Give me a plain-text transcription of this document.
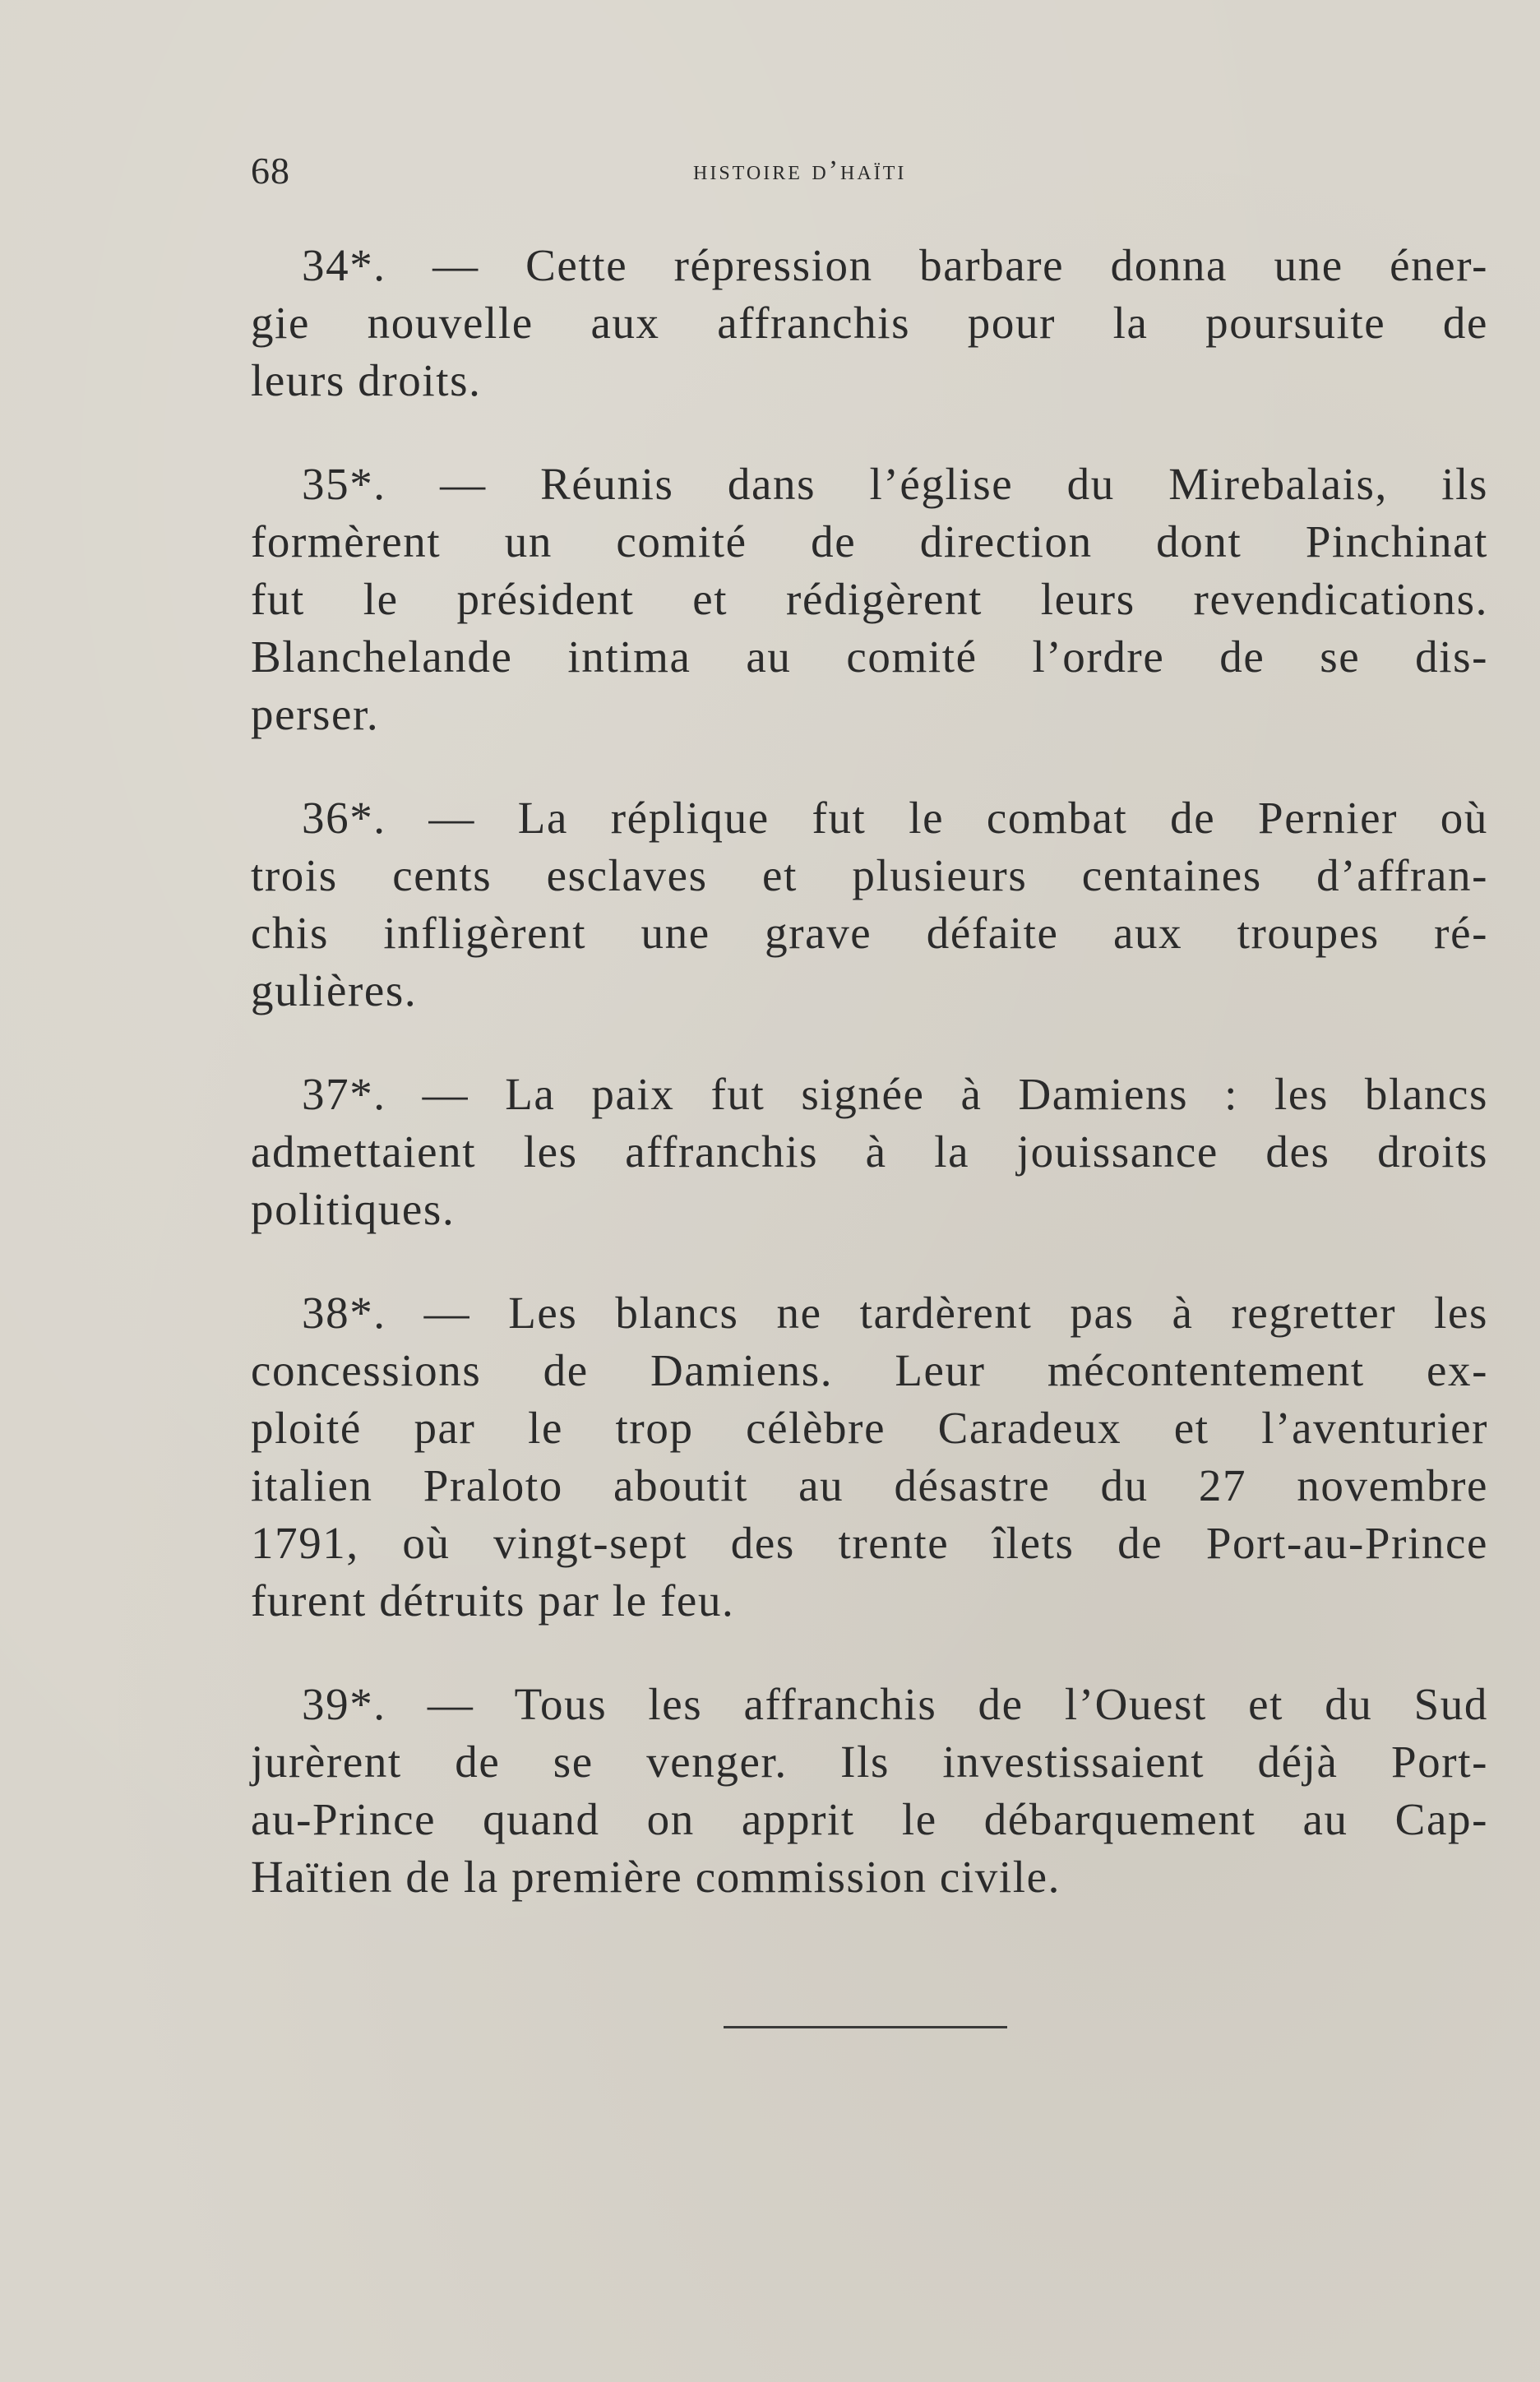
68	histoire d’haïti
34*. — Cette répression barbare donna une éner-
gie nouvelle aux affranchis pour la poursuite de
leurs droits.
35*. — Réunis dans l’église du Mirebalais, ils
formèrent un comité de direction dont Pinchinat
fut le président et rédigèrent leurs revendications.
Blanchelande intima au comité l’ordre de se dis-
perser.
36*. — La réplique fut le combat de Pernier où
trois cents esclaves et plusieurs centaines d’affran-
chis infligèrent une grave défaite aux troupes ré-
gulières.
37*. — La paix fut signée à Damiens : les blancs
admettaient les affranchis à la jouissance des droits
politiques.
38*. — Les blancs ne tardèrent pas à regretter les
concessions de Damiens. Leur mécontentement ex-
ploité par le trop célèbre Caradeux et l’aventurier
italien Praloto aboutit au désastre du 27 novembre
1791, où vingt-sept des trente îlets de Port-au-Prince
furent détruits par le feu.
39*. — Tous les affranchis de l’Ouest et du Sud
jurèrent de se venger. Ils investissaient déjà Port-
au-Prince quand on apprit le débarquement au Cap-
Haïtien de la première commission civile.
